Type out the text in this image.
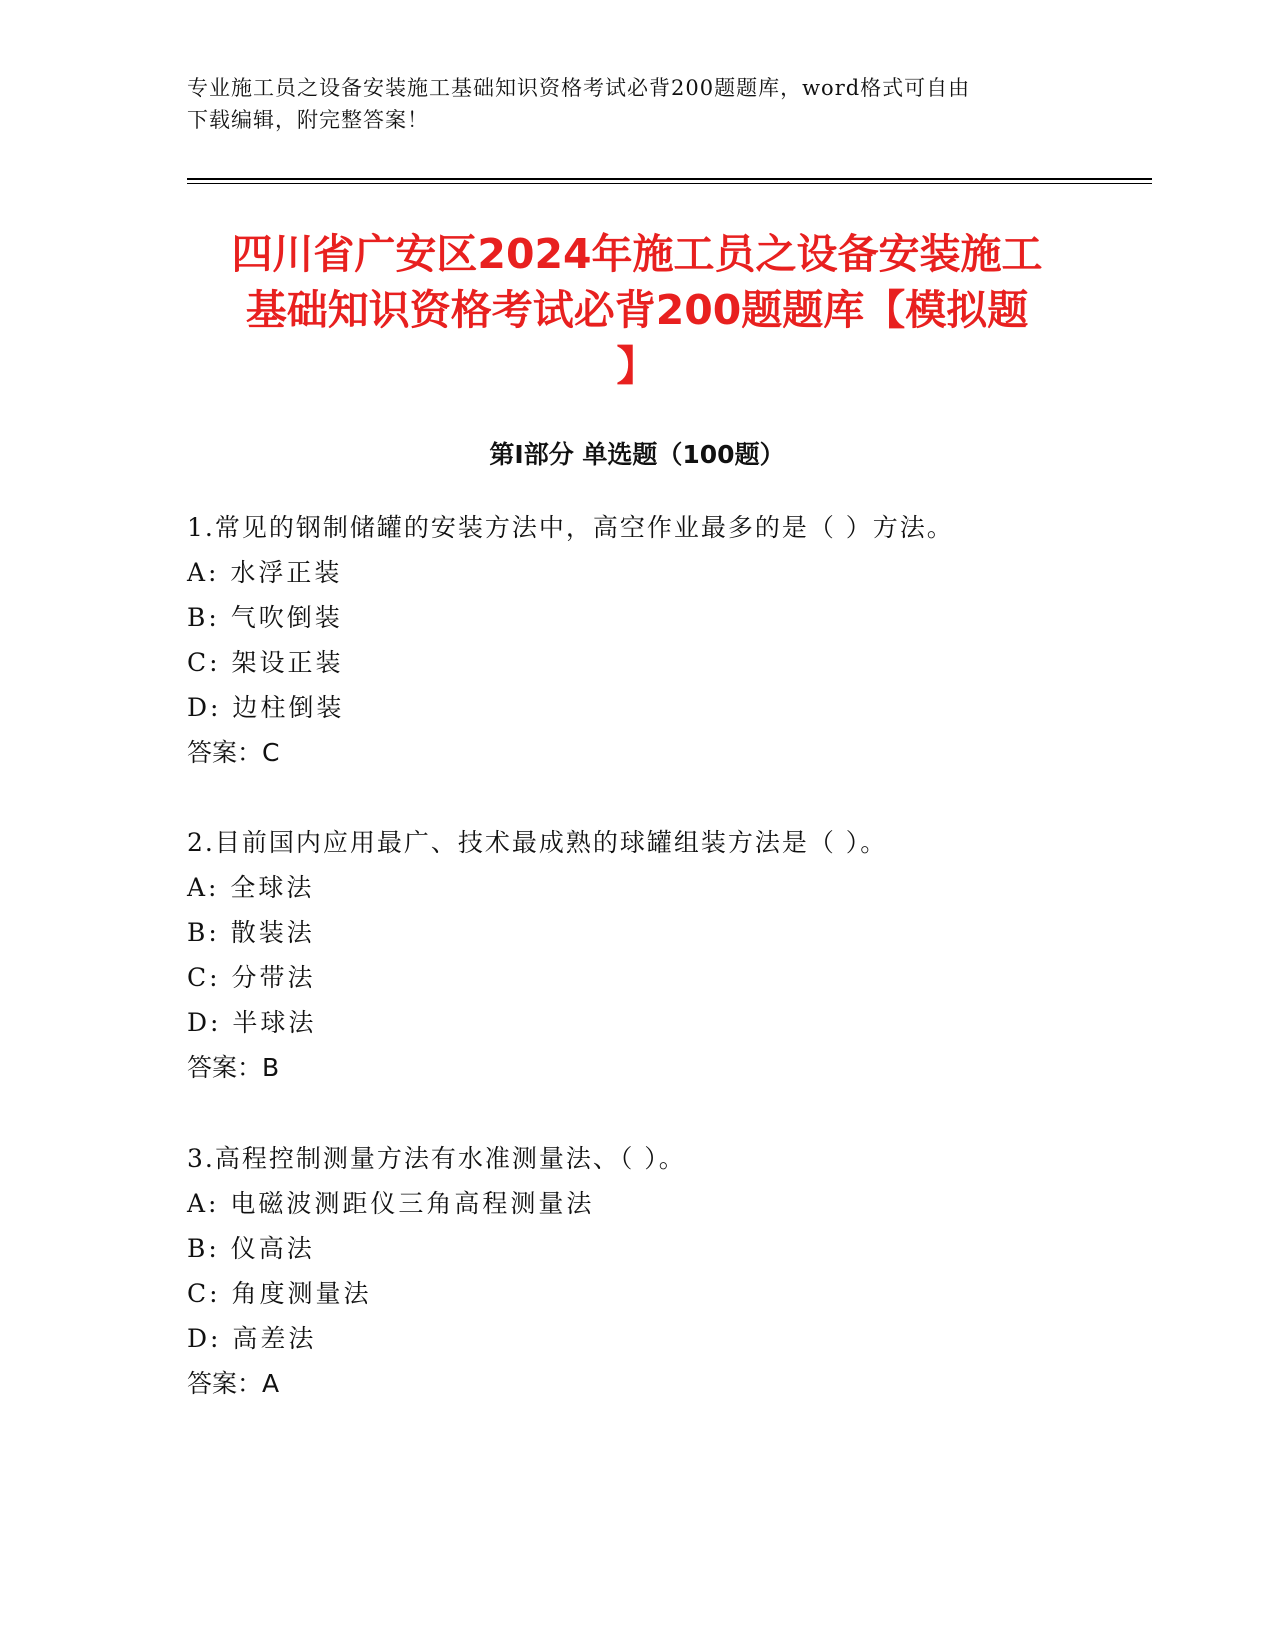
专业施工员之设备安装施工基础知识资格考试必背200题题库，word格式可自由
下载编辑，附完整答案！
四川省广安区2024年施工员之设备安装施工
基础知识资格考试必背200题题库【模拟题
】
第Ⅰ部分 单选题（100题）
1.常见的钢制储罐的安装方法中，高空作业最多的是（ ）方法。
A: 水浮正装
B: 气吹倒装
C: 架设正装
D: 边柱倒装
答案：C
2.目前国内应用最广、技术最成熟的球罐组装方法是（ ）。
A: 全球法
B: 散装法
C: 分带法
D: 半球法
答案：B
3.高程控制测量方法有水准测量法、（ ）。
A: 电磁波测距仪三角高程测量法
B: 仪高法
C: 角度测量法
D: 高差法
答案：A
